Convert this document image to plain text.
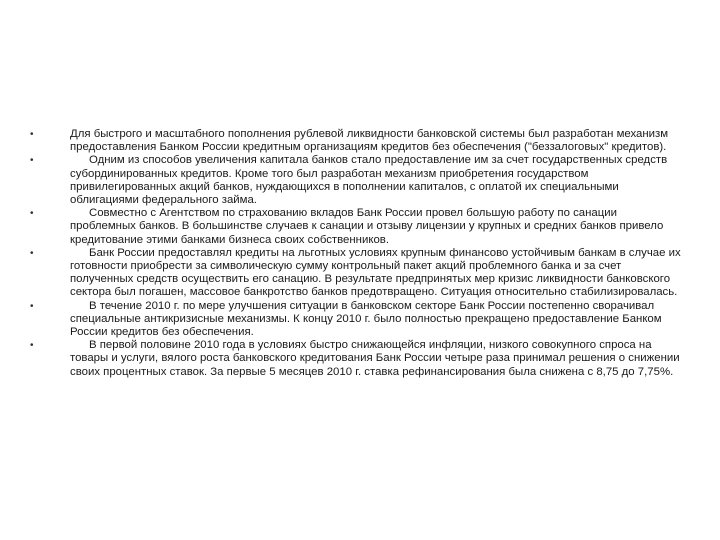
•	Для быстрого и масштабного пополнения рублевой ликвидности банковской системы был разработан механизм предоставления Банком России кредитным организациям кредитов без обеспечения ("беззалоговых" кредитов).
•	Одним из способов увеличения капитала банков стало предоставление им за счет государственных средств субординированных кредитов. Кроме того был разработан механизм приобретения государством привилегированных акций банков, нуждающихся в пополнении капиталов, с оплатой их специальными облигациями федерального займа.
•	Совместно с Агентством по страхованию вкладов Банк России провел большую работу по санации проблемных банков. В большинстве случаев к санации и отзыву лицензии у крупных и средних банков привело кредитование этими банками бизнеса своих собственников.
•	Банк России предоставлял кредиты на льготных условиях крупным финансово устойчивым банкам в случае их готовности приобрести за символическую сумму контрольный пакет акций проблемного банка и за счет полученных средств осуществить его санацию. В результате предпринятых мер кризис ликвидности банковского сектора был погашен, массовое банкротство банков предотвращено. Ситуация относительно стабилизировалась.
•	В течение 2010 г. по мере улучшения ситуации в банковском секторе Банк России постепенно сворачивал специальные антикризисные механизмы. К концу 2010 г. было полностью прекращено предоставление Банком России кредитов без обеспечения.
•	В первой половине 2010 года в условиях быстро снижающейся инфляции, низкого совокупного спроса на товары и услуги, вялого роста банковского кредитования Банк России четыре раза принимал решения о снижении своих процентных ставок. За первые 5 месяцев 2010 г. ставка рефинансирования была снижена с 8,75 до 7,75%.
